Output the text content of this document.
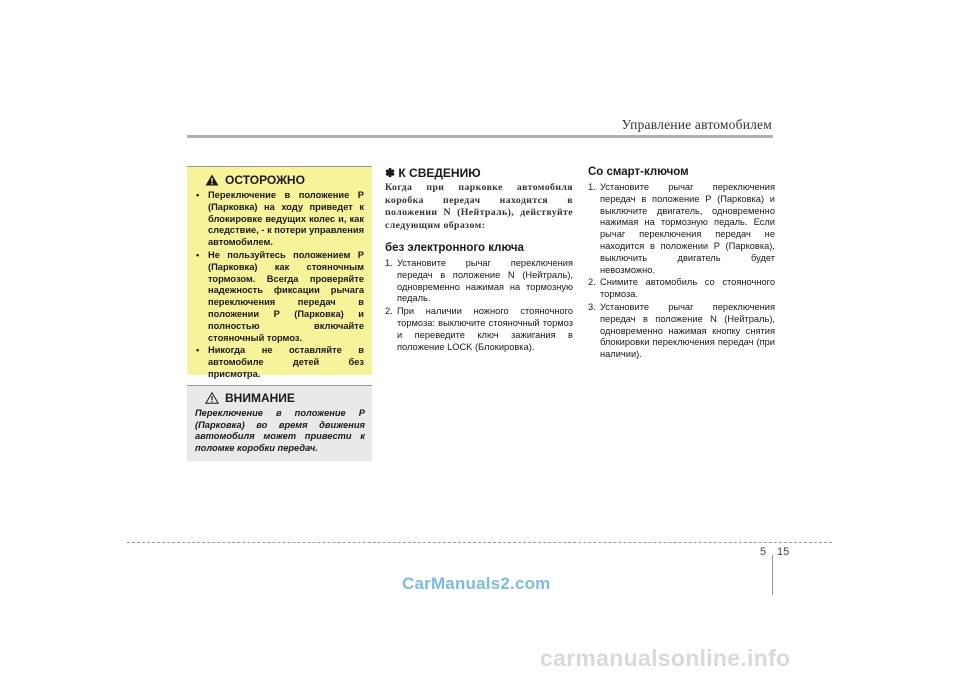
Управление автомобилем
ОСТОРОЖНО
• Переключение в положение P (Парковка) на ходу приведет к блокировке ведущих колес и, как следствие, - к потери управления автомобилем.
• Не пользуйтесь положением P (Парковка) как стояночным тормозом. Всегда проверяйте надежность фиксации рычага переключения передач в положении P (Парковка) и полностью включайте стояночный тормоз.
• Никогда не оставляйте в автомобиле детей без присмотра.
ВНИМАНИЕ
Переключение в положение P (Парковка) во время движения автомобиля может привести к поломке коробки передач.
✽ К СВЕДЕНИЮ
Когда при парковке автомобиля коробка передач находится в положении N (Нейтраль), действуйте следующим образом:
без электронного ключа
1. Установите рычаг переключения передач в положение N (Нейтраль), одновременно нажимая на тормозную педаль.
2. При наличии ножного стояночного тормоза: выключите стояночный тормоз и переведите ключ зажигания в положение LOCK (Блокировка).
Со смарт-ключом
1. Установите рычаг переключения передач в положение P (Парковка) и выключите двигатель, одновременно нажимая на тормозную педаль. Если рычаг переключения передач не находится в положении P (Парковка), выключить двигатель будет невозможно.
2. Снимите автомобиль со стояночного тормоза.
3. Установите рычаг переключения передач в положение N (Нейтраль), одновременно нажимая кнопку снятия блокировки переключения передач (при наличии).
5 15
CarManuals2.com
carmanualsonline.info
